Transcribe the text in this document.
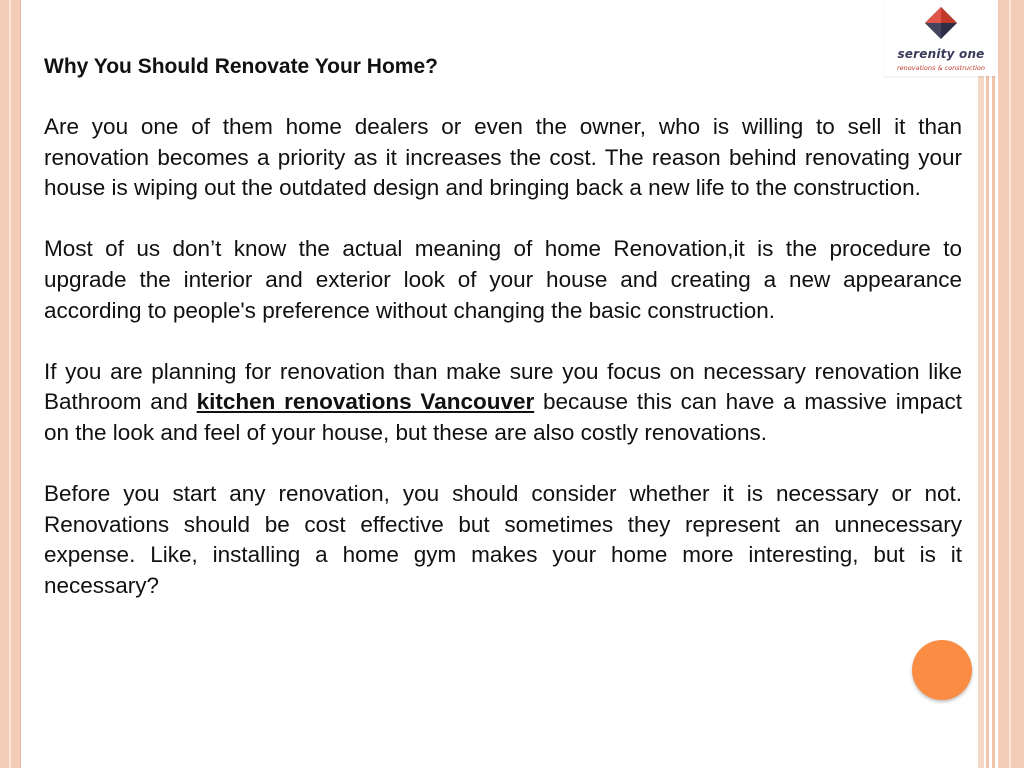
serenity one
renovations & construction
Why You Should Renovate Your Home?

Are you one of them home dealers or even the owner, who is willing to sell it than renovation becomes a priority as it increases the cost. The reason behind renovating your house is wiping out the outdated design and bringing back a new life to the construction.

Most of us don’t know the actual meaning of home Renovation,it is the procedure to upgrade the interior and exterior look of your house and creating a new appearance according to people's preference without changing the basic construction.

If you are planning for renovation than make sure you focus on necessary renovation like Bathroom and kitchen renovations Vancouver because this can have a massive impact on the look and feel of your house, but these are also costly renovations.

Before you start any renovation, you should consider whether it is necessary or not. Renovations should be cost effective but sometimes they represent an unnecessary expense. Like, installing a home gym makes your home more interesting, but is it necessary?
